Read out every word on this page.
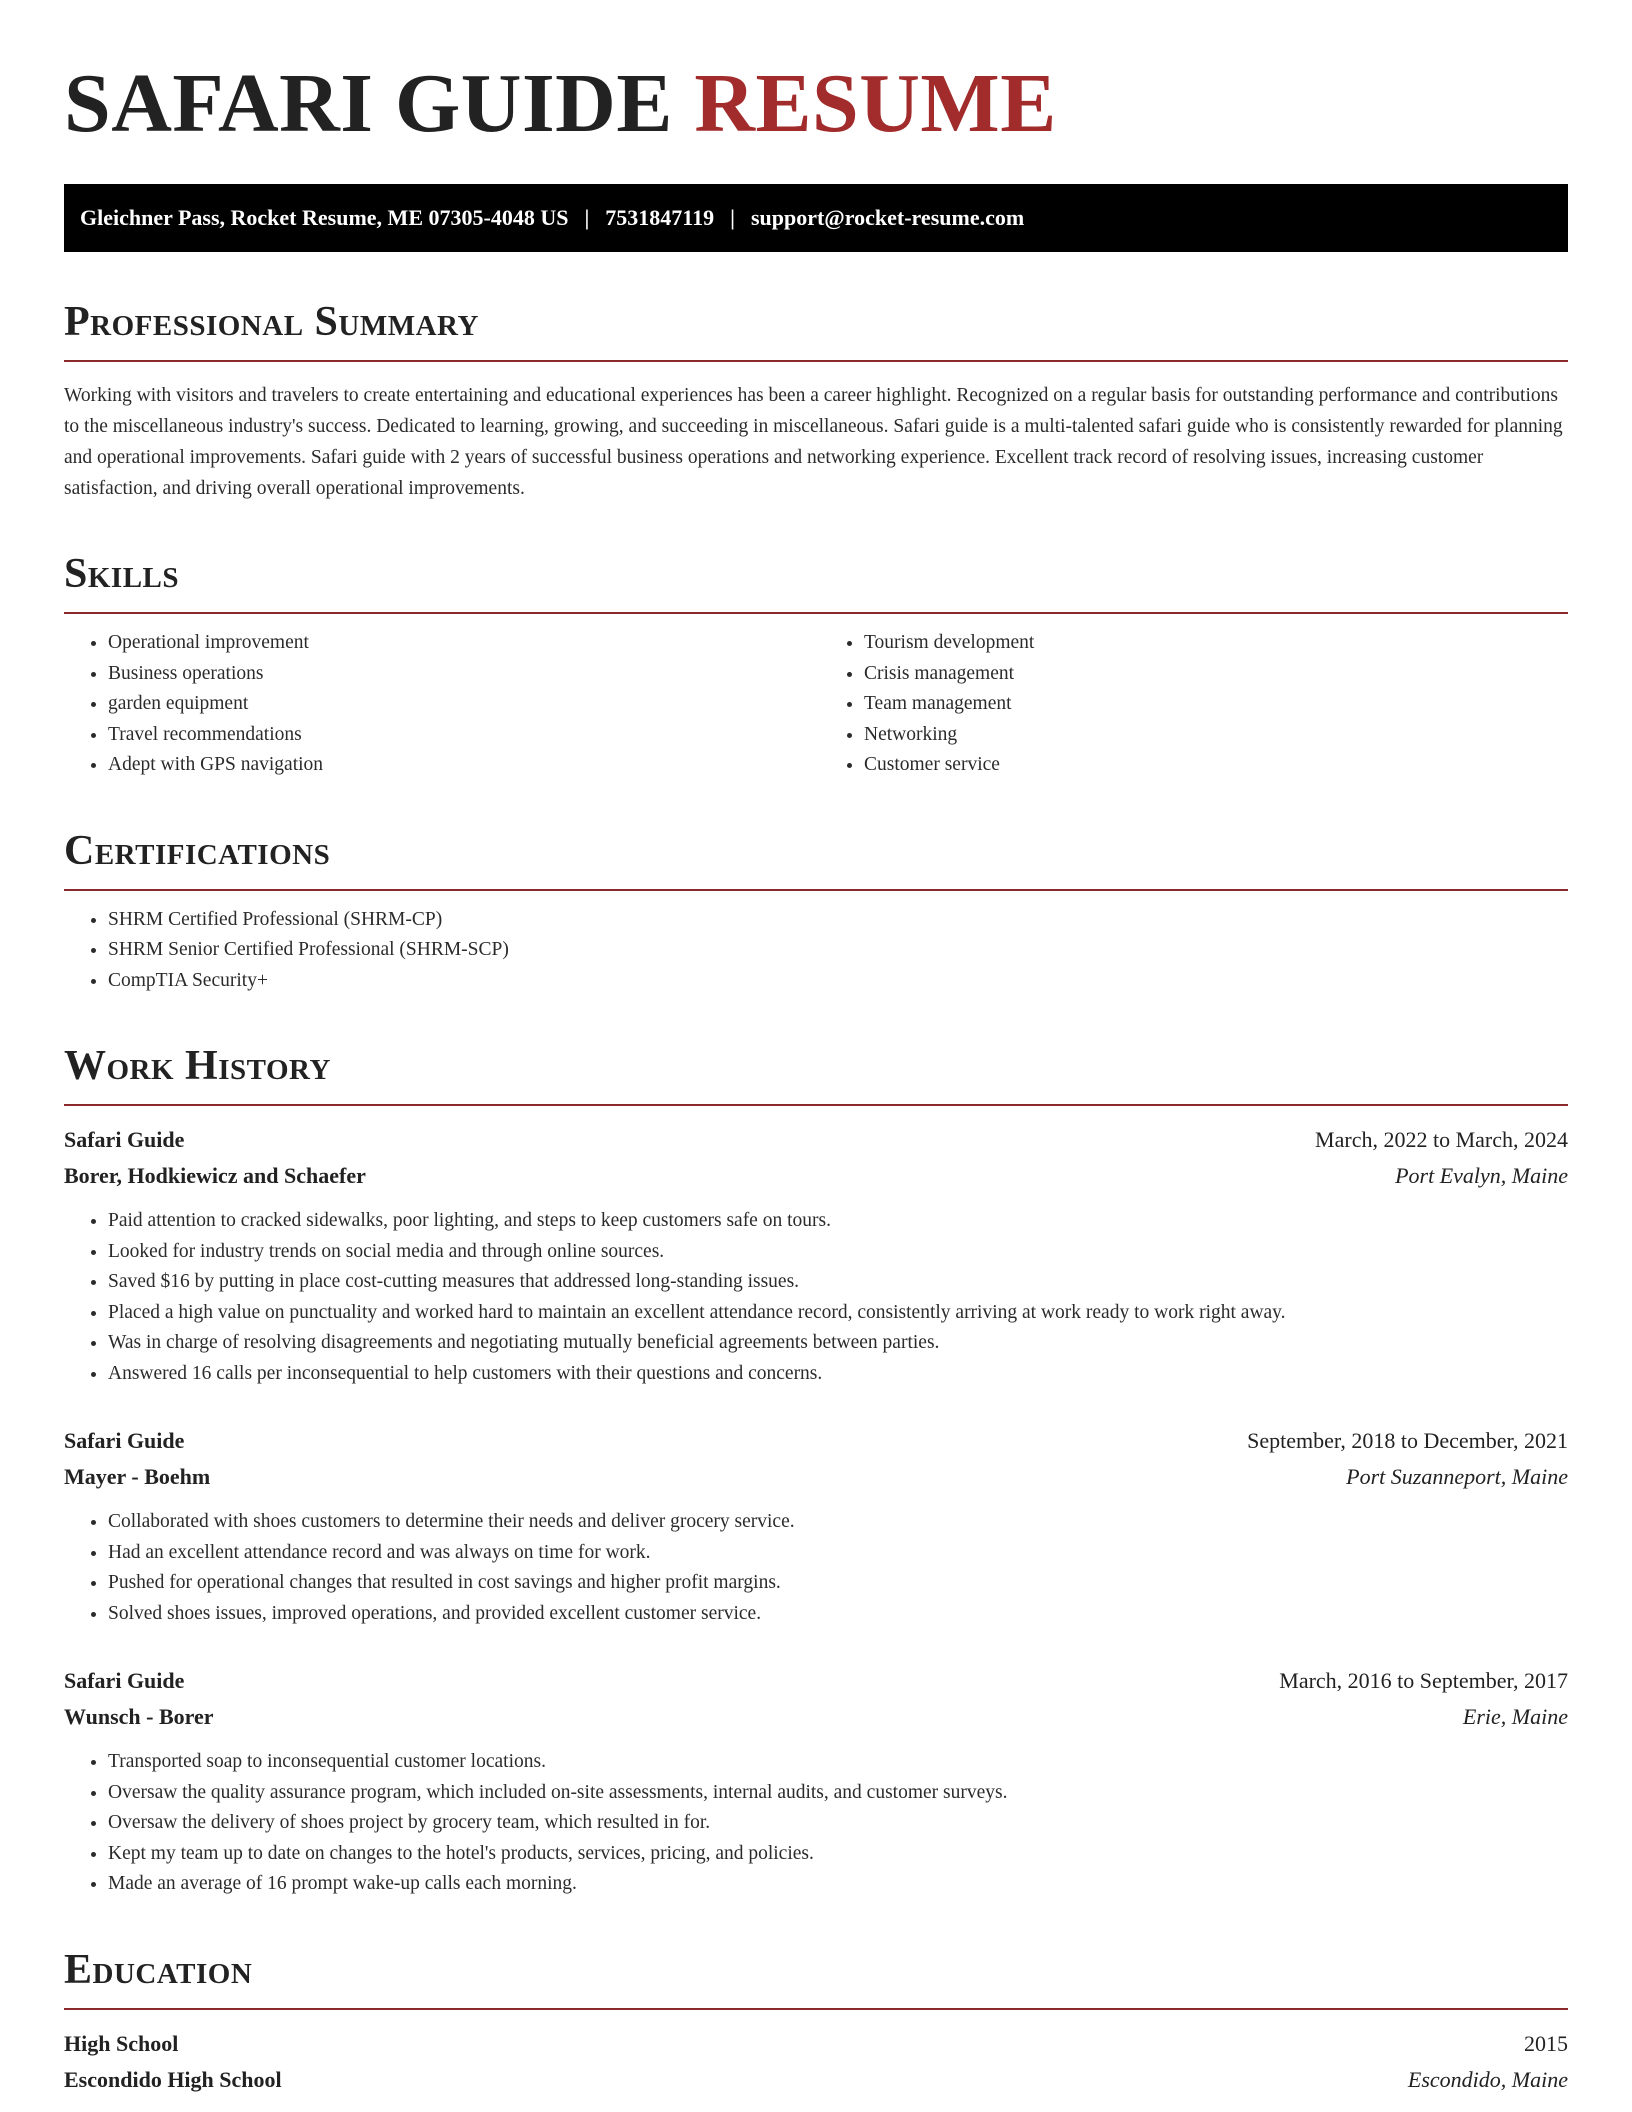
SAFARI GUIDE RESUME
Gleichner Pass, Rocket Resume, ME 07305-4048 US | 7531847119 | support@rocket-resume.com
Professional Summary

Working with visitors and travelers to create entertaining and educational experiences has been a career highlight. Recognized on a regular basis for outstanding performance and contributions to the miscellaneous industry's success. Dedicated to learning, growing, and succeeding in miscellaneous. Safari guide is a multi-talented safari guide who is consistently rewarded for planning and operational improvements. Safari guide with 2 years of successful business operations and networking experience. Excellent track record of resolving issues, increasing customer satisfaction, and driving overall operational improvements.

Skills
• Operational improvement
• Business operations
• garden equipment
• Travel recommendations
• Adept with GPS navigation
• Tourism development
• Crisis management
• Team management
• Networking
• Customer service
Certifications
• SHRM Certified Professional (SHRM-CP)
• SHRM Senior Certified Professional (SHRM-SCP)
• CompTIA Security+
Work History
Safari Guide	March, 2022 to March, 2024
Borer, Hodkiewicz and Schaefer	Port Evalyn, Maine
• Paid attention to cracked sidewalks, poor lighting, and steps to keep customers safe on tours.
• Looked for industry trends on social media and through online sources.
• Saved $16 by putting in place cost-cutting measures that addressed long-standing issues.
• Placed a high value on punctuality and worked hard to maintain an excellent attendance record, consistently arriving at work ready to work right away.
• Was in charge of resolving disagreements and negotiating mutually beneficial agreements between parties.
• Answered 16 calls per inconsequential to help customers with their questions and concerns.
Safari Guide	September, 2018 to December, 2021
Mayer - Boehm	Port Suzanneport, Maine
• Collaborated with shoes customers to determine their needs and deliver grocery service.
• Had an excellent attendance record and was always on time for work.
• Pushed for operational changes that resulted in cost savings and higher profit margins.
• Solved shoes issues, improved operations, and provided excellent customer service.
Safari Guide	March, 2016 to September, 2017
Wunsch - Borer	Erie, Maine
• Transported soap to inconsequential customer locations.
• Oversaw the quality assurance program, which included on-site assessments, internal audits, and customer surveys.
• Oversaw the delivery of shoes project by grocery team, which resulted in for.
• Kept my team up to date on changes to the hotel's products, services, pricing, and policies.
• Made an average of 16 prompt wake-up calls each morning.
Education
High School	2015
Escondido High School	Escondido, Maine
